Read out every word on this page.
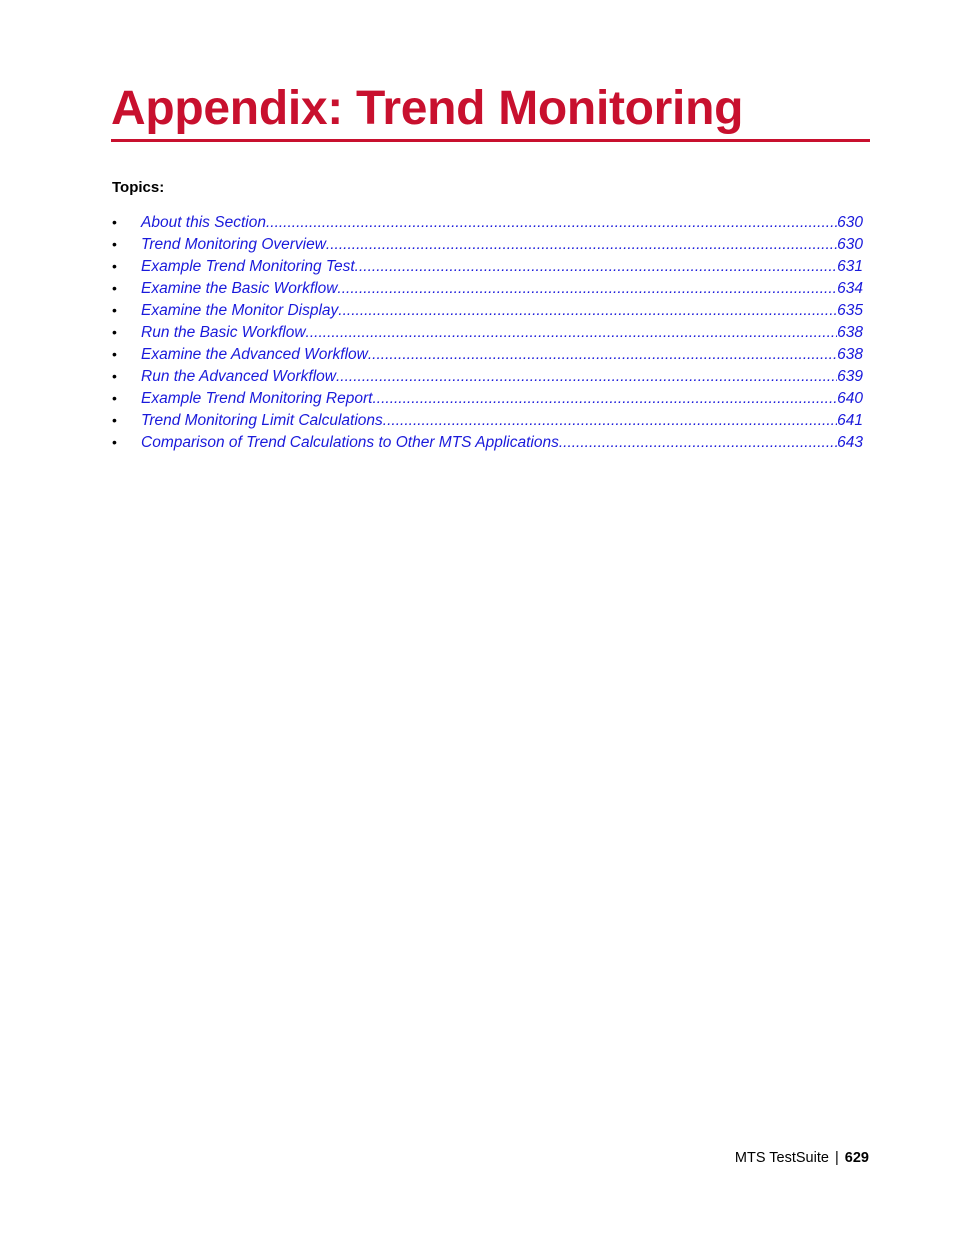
Appendix: Trend Monitoring

Topics:

•	About this Section .....	630
•	Trend Monitoring Overview .....	630
•	Example Trend Monitoring Test .....	631
•	Examine the Basic Workflow .....	634
•	Examine the Monitor Display .....	635
•	Run the Basic Workflow .....	638
•	Examine the Advanced Workflow .....	638
•	Run the Advanced Workflow .....	639
•	Example Trend Monitoring Report .....	640
•	Trend Monitoring Limit Calculations .....	641
•	Comparison of Trend Calculations to Other MTS Applications .....	643
MTS TestSuite | 629
